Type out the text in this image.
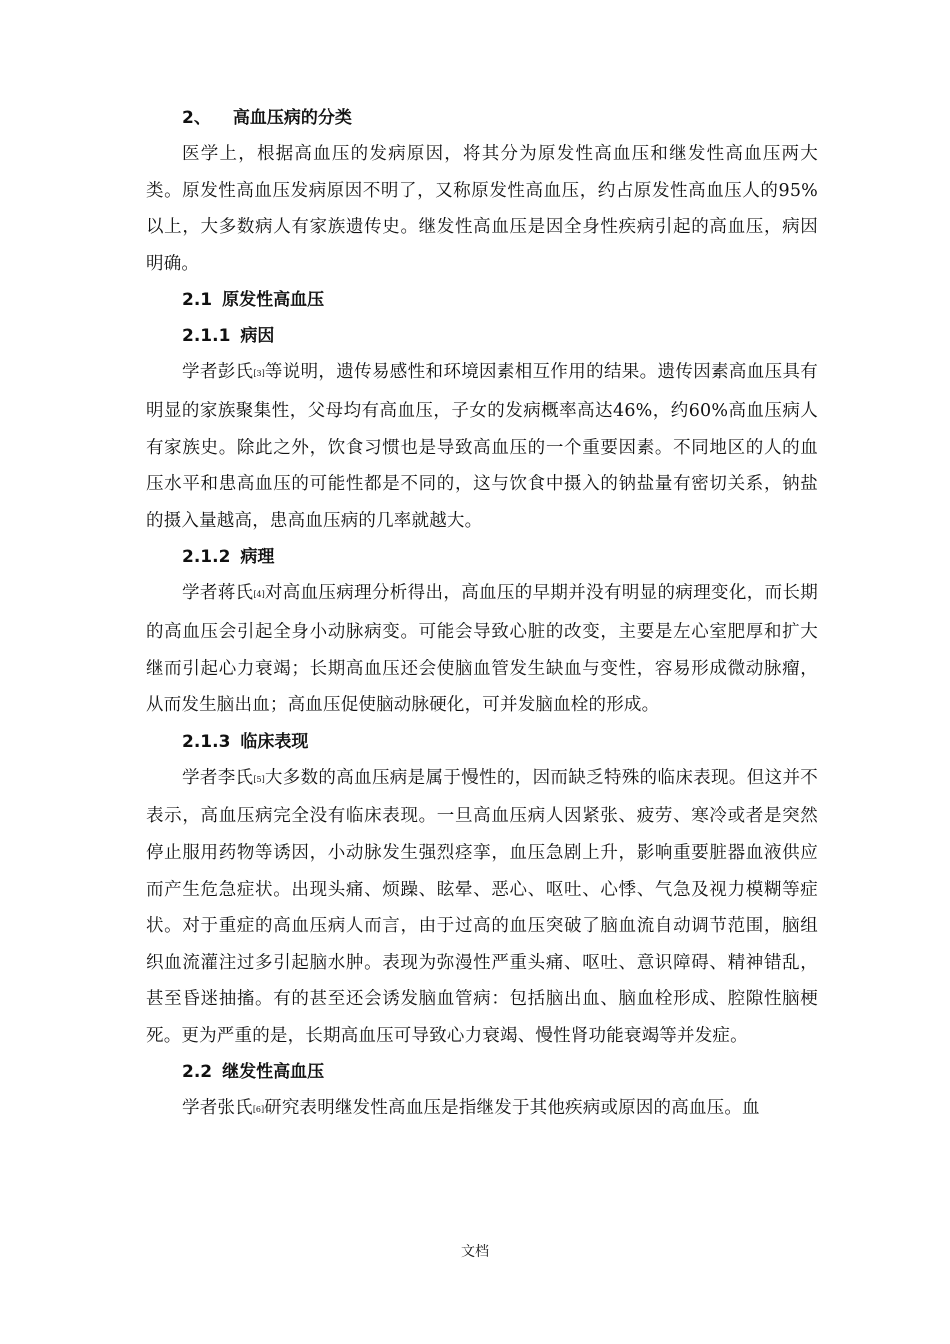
2、 高血压病的分类

医学上，根据高血压的发病原因，将其分为原发性高血压和继发性高血压两大类。原发性高血压发病原因不明了，又称原发性高血压，约占原发性高血压人的95%以上，大多数病人有家族遗传史。继发性高血压是因全身性疾病引起的高血压，病因明确。

2.1 原发性高血压

2.1.1 病因

学者彭氏[3]等说明，遗传易感性和环境因素相互作用的结果。遗传因素高血压具有明显的家族聚集性，父母均有高血压，子女的发病概率高达46%，约60%高血压病人有家族史。除此之外，饮食习惯也是导致高血压的一个重要因素。不同地区的人的血压水平和患高血压的可能性都是不同的，这与饮食中摄入的钠盐量有密切关系，钠盐的摄入量越高，患高血压病的几率就越大。

2.1.2 病理

学者蒋氏[4]对高血压病理分析得出，高血压的早期并没有明显的病理变化，而长期的高血压会引起全身小动脉病变。可能会导致心脏的改变，主要是左心室肥厚和扩大继而引起心力衰竭；长期高血压还会使脑血管发生缺血与变性，容易形成微动脉瘤，从而发生脑出血；高血压促使脑动脉硬化，可并发脑血栓的形成。

2.1.3 临床表现

学者李氏[5]大多数的高血压病是属于慢性的，因而缺乏特殊的临床表现。但这并不表示，高血压病完全没有临床表现。一旦高血压病人因紧张、疲劳、寒冷或者是突然停止服用药物等诱因，小动脉发生强烈痉挛，血压急剧上升，影响重要脏器血液供应而产生危急症状。出现头痛、烦躁、眩晕、恶心、呕吐、心悸、气急及视力模糊等症状。对于重症的高血压病人而言，由于过高的血压突破了脑血流自动调节范围，脑组织血流灌注过多引起脑水肿。表现为弥漫性严重头痛、呕吐、意识障碍、精神错乱，甚至昏迷抽搐。有的甚至还会诱发脑血管病：包括脑出血、脑血栓形成、腔隙性脑梗死。更为严重的是，长期高血压可导致心力衰竭、慢性肾功能衰竭等并发症。

2.2 继发性高血压

学者张氏[6]研究表明继发性高血压是指继发于其他疾病或原因的高血压。血

文档
